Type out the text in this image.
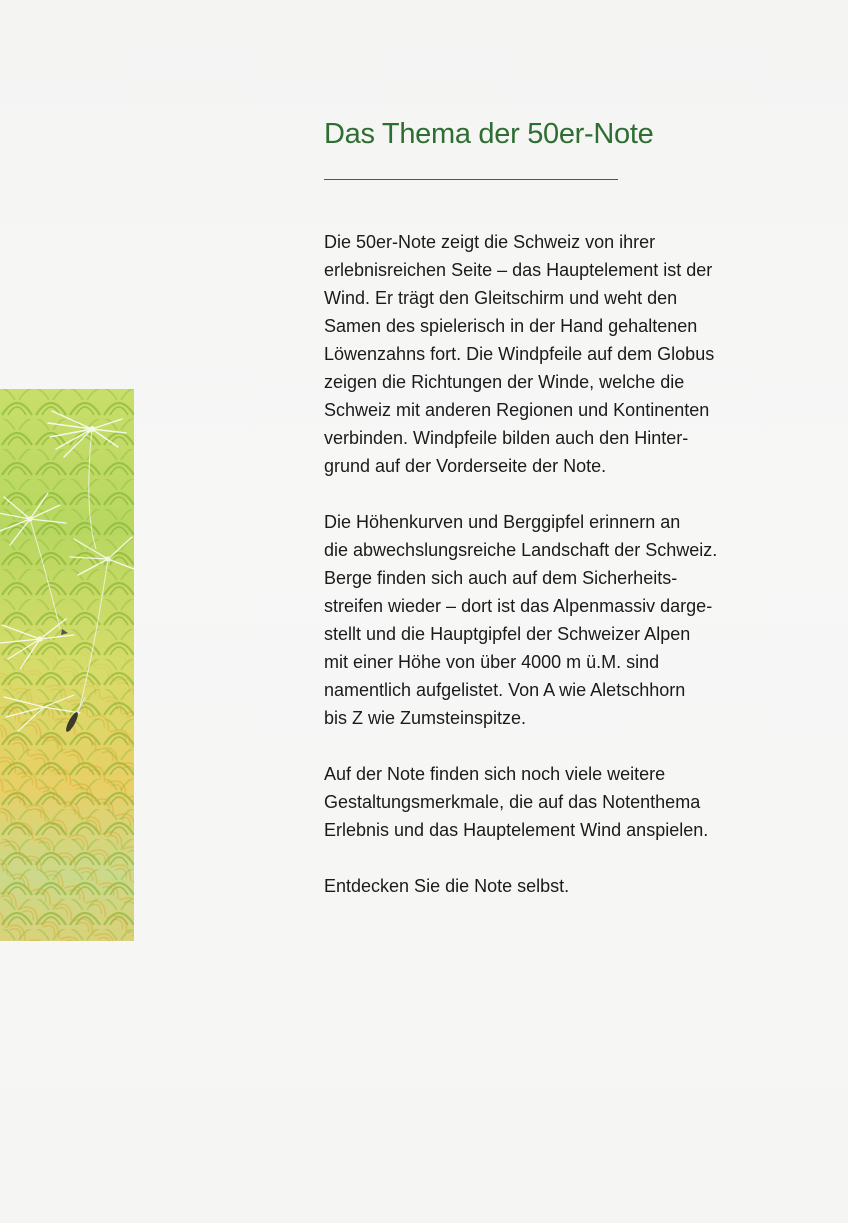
Das Thema der 50er-Note

Die 50er-Note zeigt die Schweiz von ihrer
erlebnisreichen Seite – das Hauptelement ist der
Wind. Er trägt den Gleitschirm und weht den
Samen des spielerisch in der Hand gehaltenen
Löwenzahns fort. Die Windpfeile auf dem Globus
zeigen die Richtungen der Winde, welche die
Schweiz mit anderen Regionen und Kontinenten
verbinden. Windpfeile bilden auch den Hinter-
grund auf der Vorderseite der Note.

Die Höhenkurven und Berggipfel erinnern an
die abwechslungsreiche Landschaft der Schweiz.
Berge finden sich auch auf dem Sicherheits-
streifen wieder – dort ist das Alpenmassiv darge-
stellt und die Hauptgipfel der Schweizer Alpen
mit einer Höhe von über 4000 m ü.M. sind
namentlich aufgelistet. Von A wie Aletschhorn
bis Z wie Zumsteinspitze.

Auf der Note finden sich noch viele weitere
Gestaltungsmerkmale, die auf das Notenthema
Erlebnis und das Hauptelement Wind anspielen.

Entdecken Sie die Note selbst.
